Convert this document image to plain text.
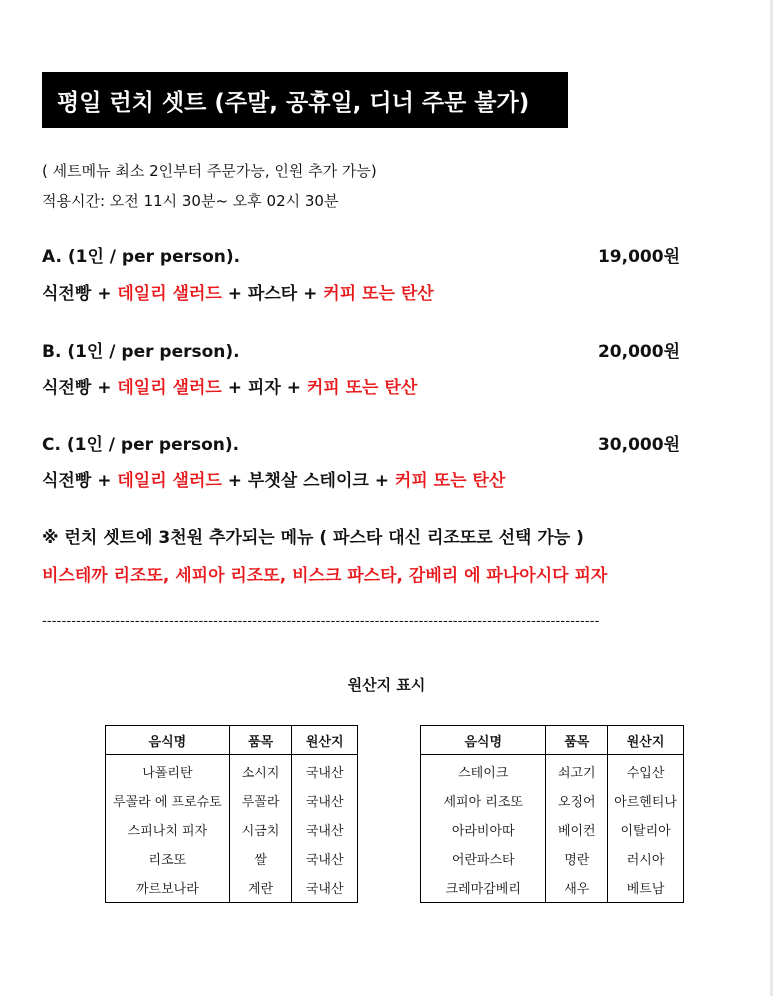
평일 런치 셋트 (주말, 공휴일, 디너 주문 불가)
( 세트메뉴 최소 2인부터 주문가능, 인원 추가 가능)
적용시간: 오전 11시 30분~ 오후 02시 30분
A. (1인 / per person).	19,000원
식전빵 + 데일리 샐러드 + 파스타 + 커피 또는 탄산
B. (1인 / per person).	20,000원
식전빵 + 데일리 샐러드 + 피자 + 커피 또는 탄산
C. (1인 / per person).	30,000원
식전빵 + 데일리 샐러드 + 부챗살 스테이크 + 커피 또는 탄산
※ 런치 셋트에 3천원 추가되는 메뉴 ( 파스타 대신 리조또로 선택 가능 )
비스테까 리조또, 세피아 리조또, 비스크 파스타, 감베리 에 파나아시다 피자
------------------------------------------------------------------------------------------------------------------
원산지 표시
음식명	품목	원산지
나폴리탄	소시지	국내산
루꼴라 에 프로슈토	루꼴라	국내산
스피나치 피자	시금치	국내산
리조또	쌀	국내산
까르보나라	계란	국내산
음식명	품목	원산지
스테이크	쇠고기	수입산
세피아 리조또	오징어	아르헨티나
아라비아따	베이컨	이탈리아
어란파스타	명란	러시아
크레마감베리	새우	베트남
